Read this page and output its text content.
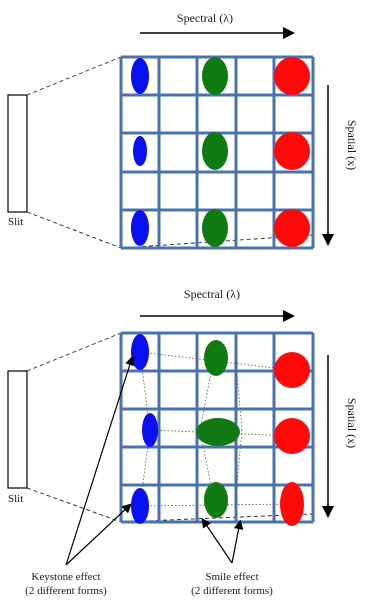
Spectral (λ)
Spatial (x)
Slit
Spectral (λ)
Spatial (x)
Slit
Keystone effect
(2 different forms)
Smile effect
(2 different forms)
